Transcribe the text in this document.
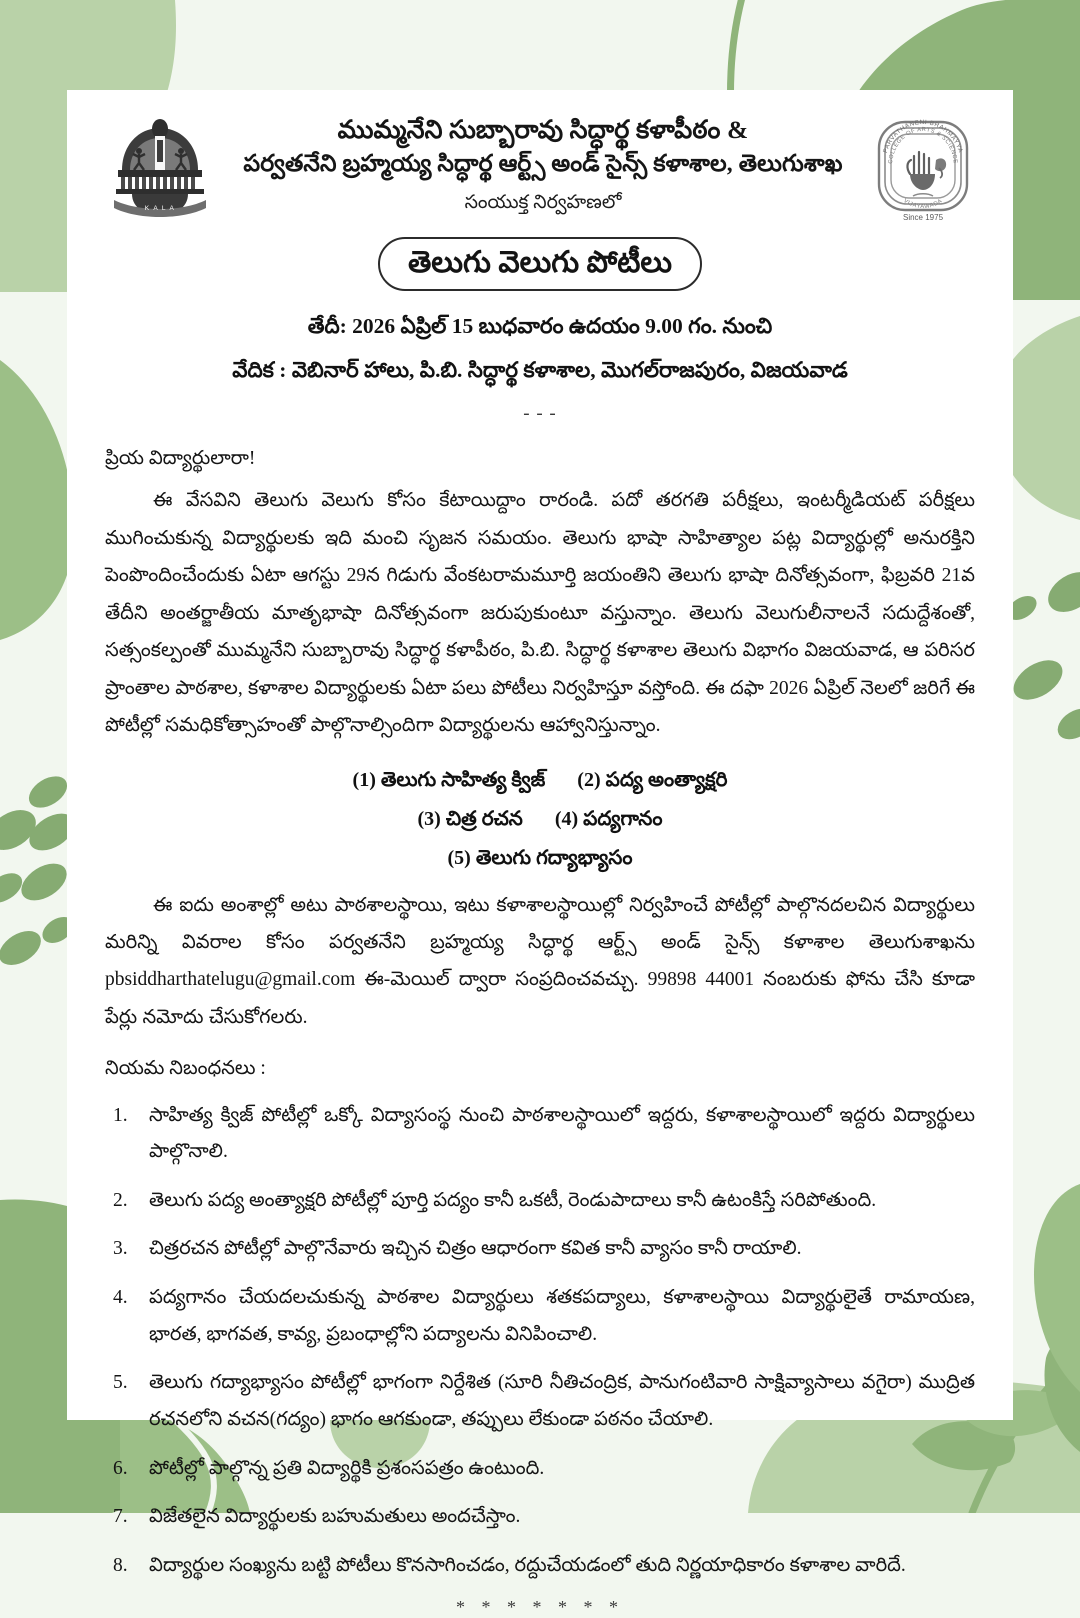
K A L A
ముమ్మనేని సుబ్బారావు సిద్ధార్థ కళాపీఠం &
పర్వతనేని బ్రహ్మయ్య సిద్ధార్థ ఆర్ట్స్ అండ్ సైన్స్ కళాశాల, తెలుగుశాఖ
సంయుక్త నిర్వహణలో
PARVATHANENI BRAHMAYYA
COLLEGE OF ARTS & SCIENCE
VIJAYAWADA
Since 1975
తెలుగు వెలుగు పోటీలు
తేదీ: 2026 ఏప్రిల్ 15 బుధవారం ఉదయం 9.00 గం. నుంచి
వేదిక : వెబినార్ హాలు, పి.బి. సిద్ధార్థ కళాశాల, మొగల్‌రాజపురం, విజయవాడ
- - -
ప్రియ విద్యార్థులారా!

ఈ వేసవిని తెలుగు వెలుగు కోసం కేటాయిద్దాం రారండి. పదో తరగతి పరీక్షలు, ఇంటర్మీడియట్ పరీక్షలు ముగించుకున్న విద్యార్థులకు ఇది మంచి సృజన సమయం. తెలుగు భాషా సాహిత్యాల పట్ల విద్యార్థుల్లో అనురక్తిని పెంపొందించేందుకు ఏటా ఆగస్టు 29న గిడుగు వేంకటరామమూర్తి జయంతిని తెలుగు భాషా దినోత్సవంగా, ఫిబ్రవరి 21వ తేదీని అంతర్జాతీయ మాతృభాషా దినోత్సవంగా జరుపుకుంటూ వస్తున్నాం. తెలుగు వెలుగులీనాలనే సదుద్దేశంతో, సత్సంకల్పంతో ముమ్మనేని సుబ్బారావు సిద్ధార్థ కళాపీఠం, పి.బి. సిద్ధార్థ కళాశాల తెలుగు విభాగం విజయవాడ, ఆ పరిసర ప్రాంతాల పాఠశాల, కళాశాల విద్యార్థులకు ఏటా పలు పోటీలు నిర్వహిస్తూ వస్తోంది. ఈ దఫా 2026 ఏప్రిల్ నెలలో జరిగే ఈ పోటీల్లో సమధికోత్సాహంతో పాల్గొనాల్సిందిగా విద్యార్థులను ఆహ్వానిస్తున్నాం.

(1) తెలుగు సాహిత్య క్విజ్ (2) పద్య అంత్యాక్షరి
(3) చిత్ర రచన (4) పద్యగానం
(5) తెలుగు గద్యాభ్యాసం

ఈ ఐదు అంశాల్లో అటు పాఠశాలస్థాయి, ఇటు కళాశాలస్థాయిల్లో నిర్వహించే పోటీల్లో పాల్గొనదలచిన విద్యార్థులు మరిన్ని వివరాల కోసం పర్వతనేని బ్రహ్మయ్య సిద్ధార్థ ఆర్ట్స్ అండ్ సైన్స్ కళాశాల తెలుగుశాఖను pbsiddharthatelugu@gmail.com ఈ-మెయిల్ ద్వారా సంప్రదించవచ్చు. 99898 44001 నంబరుకు ఫోను చేసి కూడా పేర్లు నమోదు చేసుకోగలరు.

నియమ నిబంధనలు :
సాహిత్య క్విజ్ పోటీల్లో ఒక్కో విద్యాసంస్థ నుంచి పాఠశాలస్థాయిలో ఇద్దరు, కళాశాలస్థాయిలో ఇద్దరు విద్యార్థులు పాల్గొనాలి.
తెలుగు పద్య అంత్యాక్షరి పోటీల్లో పూర్తి పద్యం కానీ ఒకటీ, రెండుపాదాలు కానీ ఉటంకిస్తే సరిపోతుంది.
చిత్రరచన పోటీల్లో పాల్గొనేవారు ఇచ్చిన చిత్రం ఆధారంగా కవిత కానీ వ్యాసం కానీ రాయాలి.
పద్యగానం చేయదలచుకున్న పాఠశాల విద్యార్థులు శతకపద్యాలు, కళాశాలస్థాయి విద్యార్థులైతే రామాయణ, భారత, భాగవత, కావ్య, ప్రబంధాల్లోని పద్యాలను వినిపించాలి.
తెలుగు గద్యాభ్యాసం పోటీల్లో భాగంగా నిర్దేశిత (సూరి నీతిచంద్రిక, పానుగంటివారి సాక్షివ్యాసాలు వగైరా) ముద్రిత రచనలోని వచన(గద్యం) భాగం ఆగకుండా, తప్పులు లేకుండా పఠనం చేయాలి.
పోటీల్లో పాల్గొన్న ప్రతి విద్యార్థికి ప్రశంసపత్రం ఉంటుంది.
విజేతలైన విద్యార్థులకు బహుమతులు అందచేస్తాం.
విద్యార్థుల సంఖ్యను బట్టి పోటీలు కొనసాగించడం, రద్దుచేయడంలో తుది నిర్ణయాధికారం కళాశాల వారిదే.
* * * * * * *
